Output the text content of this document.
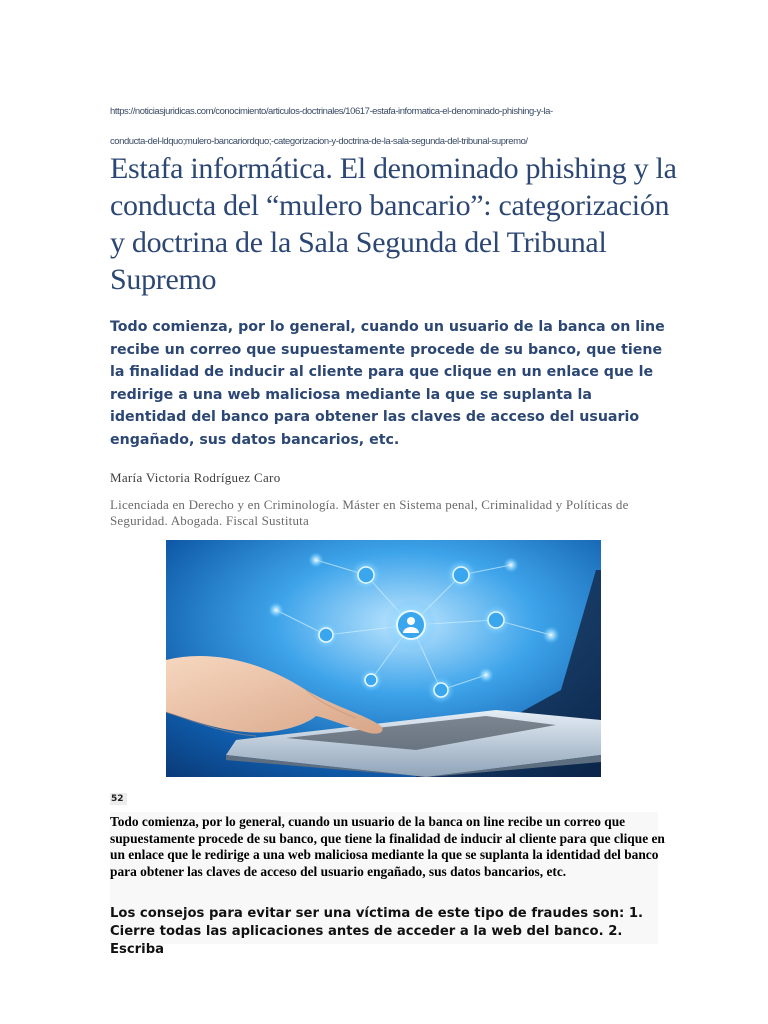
https://noticiasjuridicas.com/conocimiento/articulos-doctrinales/10617-estafa-informatica-el-denominado-phishing-y-la-
conducta-del-ldquo;mulero-bancariordquo;-categorizacion-y-doctrina-de-la-sala-segunda-del-tribunal-supremo/
Estafa informática. El denominado phishing y la conducta del “mulero bancario”: categorización y doctrina de la Sala Segunda del Tribunal Supremo

Todo comienza, por lo general, cuando un usuario de la banca on line recibe un correo que supuestamente procede de su banco, que tiene la finalidad de inducir al cliente para que clique en un enlace que le redirige a una web maliciosa mediante la que se suplanta la identidad del banco para obtener las claves de acceso del usuario engañado, sus datos bancarios, etc.

María Victoria Rodríguez Caro
Licenciada en Derecho y en Criminología. Máster en Sistema penal, Criminalidad y Políticas de Seguridad. Abogada. Fiscal Sustituta
52

Todo comienza, por lo general, cuando un usuario de la banca on line recibe un correo que supuestamente procede de su banco, que tiene la finalidad de inducir al cliente para que clique en un enlace que le redirige a una web maliciosa mediante la que se suplanta la identidad del banco para obtener las claves de acceso del usuario engañado, sus datos bancarios, etc.

Los consejos para evitar ser una víctima de este tipo de fraudes son: 1. Cierre todas las aplicaciones antes de acceder a la web del banco. 2. Escriba
